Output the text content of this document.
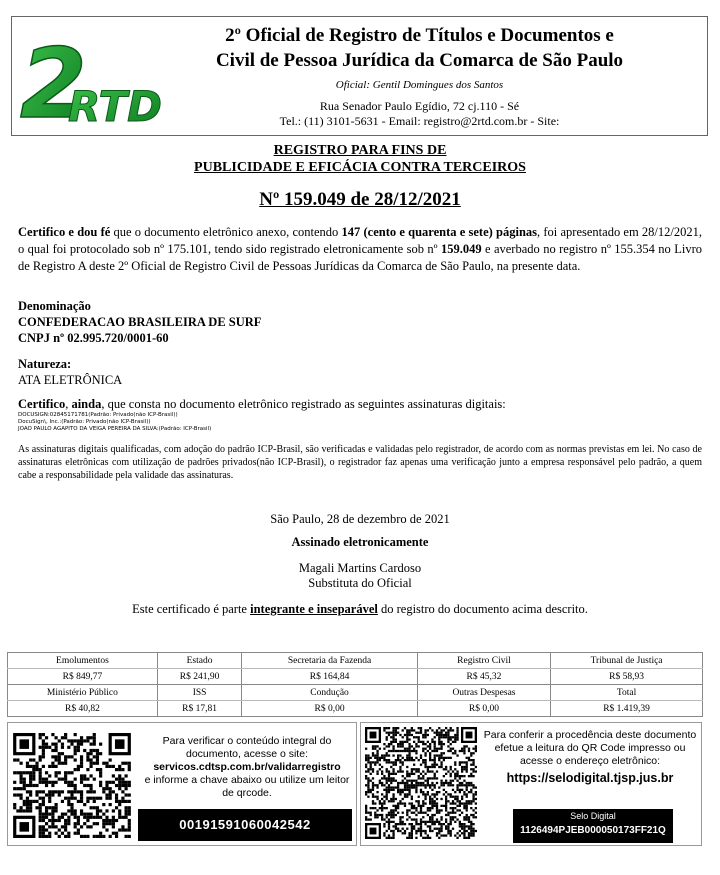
2
RTD
2º Oficial de Registro de Títulos e Documentos e
Civil de Pessoa Jurídica da Comarca de São Paulo
Oficial: Gentil Domingues dos Santos
Rua Senador Paulo Egídio, 72 cj.110 - Sé
Tel.: (11) 3101-5631 - Email: registro@2rtd.com.br - Site:
REGISTRO PARA FINS DE
PUBLICIDADE E EFICÁCIA CONTRA TERCEIROS
Nº 159.049 de 28/12/2021
Certifico e dou fé que o documento eletrônico anexo, contendo 147 (cento e quarenta e sete) páginas, foi apresentado em 28/12/2021, o qual foi protocolado sob nº 175.101, tendo sido registrado eletronicamente sob nº 159.049 e averbado no registro nº 155.354 no Livro de Registro A deste 2º Oficial de Registro Civil de Pessoas Jurídicas da Comarca de São Paulo, na presente data.
Denominação
CONFEDERACAO BRASILEIRA DE SURF
CNPJ nº 02.995.720/0001-60
Natureza:
ATA ELETRÔNICA
Certifico, ainda, que consta no documento eletrônico registrado as seguintes assinaturas digitais:
DOCUSIGN:02845171781(Padrão: Privado(não ICP-Brasil))
DocuSign\, Inc.:(Padrão: Privado(não ICP-Brasil))
JOAO PAULO AGAPITO DA VEIGA PEREIRA DA SILVA:(Padrão: ICP-Brasil)
As assinaturas digitais qualificadas, com adoção do padrão ICP-Brasil, são verificadas e validadas pelo registrador, de acordo com as normas previstas em lei. No caso de assinaturas eletrônicas com utilização de padrões privados(não ICP-Brasil), o registrador faz apenas uma verificação junto a empresa responsável pelo padrão, a quem cabe a responsabilidade pela validade das assinaturas.
São Paulo, 28 de dezembro de 2021
Assinado eletronicamente
Magali Martins Cardoso
Substituta do Oficial
Este certificado é parte integrante e inseparável do registro do documento acima descrito.
Emolumentos	Estado	Secretaria da Fazenda	Registro Civil	Tribunal de Justiça
R$ 849,77	R$ 241,90	R$ 164,84	R$ 45,32	R$ 58,93
Ministério Público	ISS	Condução	Outras Despesas	Total
R$ 40,82	R$ 17,81	R$ 0,00	R$ 0,00	R$ 1.419,39
Para verificar o conteúdo integral do documento, acesse o site:
servicos.cdtsp.com.br/validarregistro
e informe a chave abaixo ou utilize um leitor de qrcode.
00191591060042542
Para conferir a procedência deste documento efetue a leitura do QR Code impresso ou acesse o endereço eletrônico:
https://selodigital.tjsp.jus.br
Selo Digital
1126494PJEB000050173FF21Q
